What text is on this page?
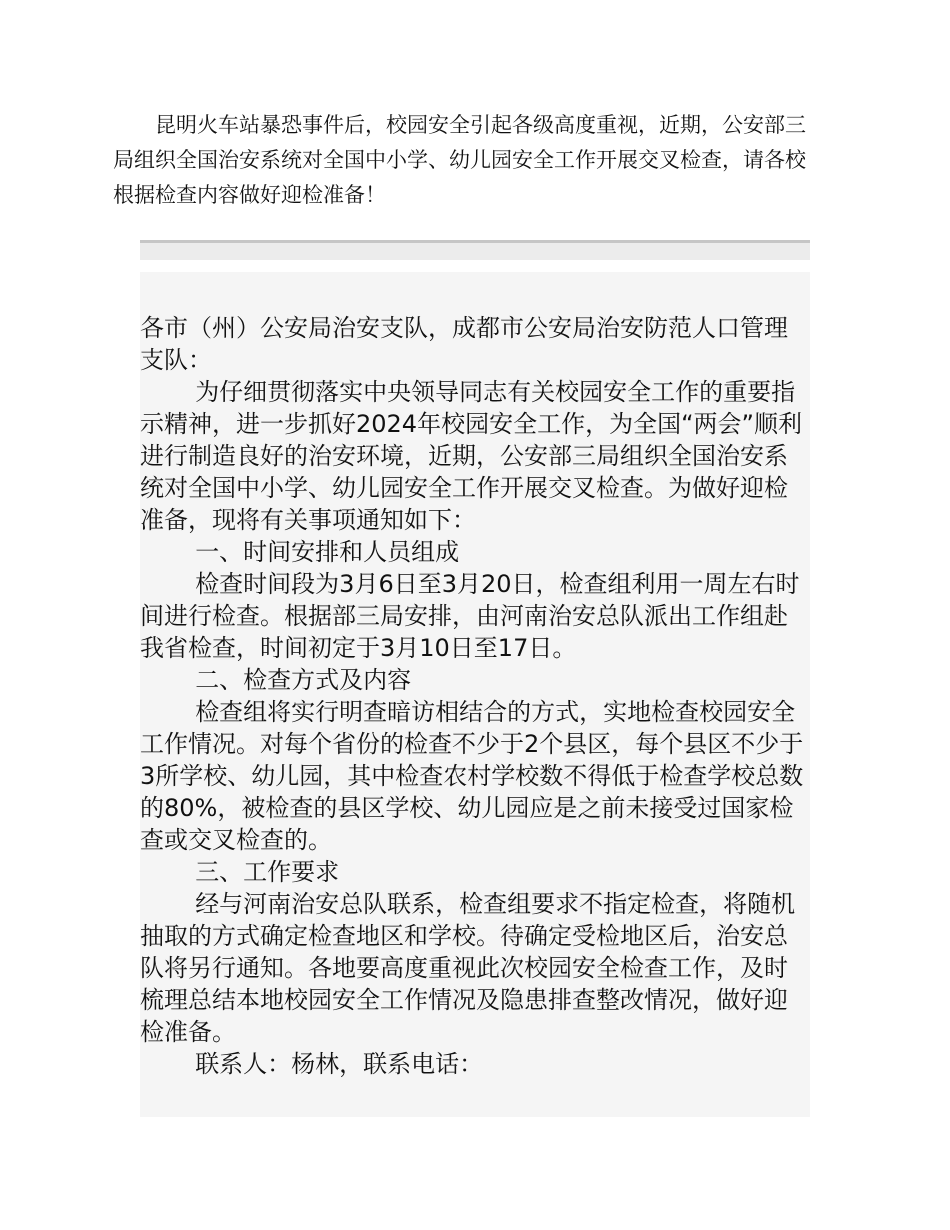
昆明火车站暴恐事件后，校园安全引起各级高度重视，近期，公安部三局组织全国治安系统对全国中小学、幼儿园安全工作开展交叉检查，请各校根据检查内容做好迎检准备！

各市（州）公安局治安支队，成都市公安局治安防范人口管理支队：

为仔细贯彻落实中央领导同志有关校园安全工作的重要指示精神，进一步抓好2024年校园安全工作，为全国“两会”顺利进行制造良好的治安环境，近期，公安部三局组织全国治安系统对全国中小学、幼儿园安全工作开展交叉检查。为做好迎检准备，现将有关事项通知如下：

一、时间安排和人员组成

检查时间段为3月6日至3月20日，检查组利用一周左右时间进行检查。根据部三局安排，由河南治安总队派出工作组赴我省检查，时间初定于3月10日至17日。

二、检查方式及内容

检查组将实行明查暗访相结合的方式，实地检查校园安全工作情况。对每个省份的检查不少于2个县区，每个县区不少于3所学校、幼儿园，其中检查农村学校数不得低于检查学校总数的80%，被检查的县区学校、幼儿园应是之前未接受过国家检查或交叉检查的。

三、工作要求

经与河南治安总队联系，检查组要求不指定检查，将随机抽取的方式确定检查地区和学校。待确定受检地区后，治安总队将另行通知。各地要高度重视此次校园安全检查工作，及时梳理总结本地校园安全工作情况及隐患排查整改情况，做好迎检准备。

联系人：杨林，联系电话：
